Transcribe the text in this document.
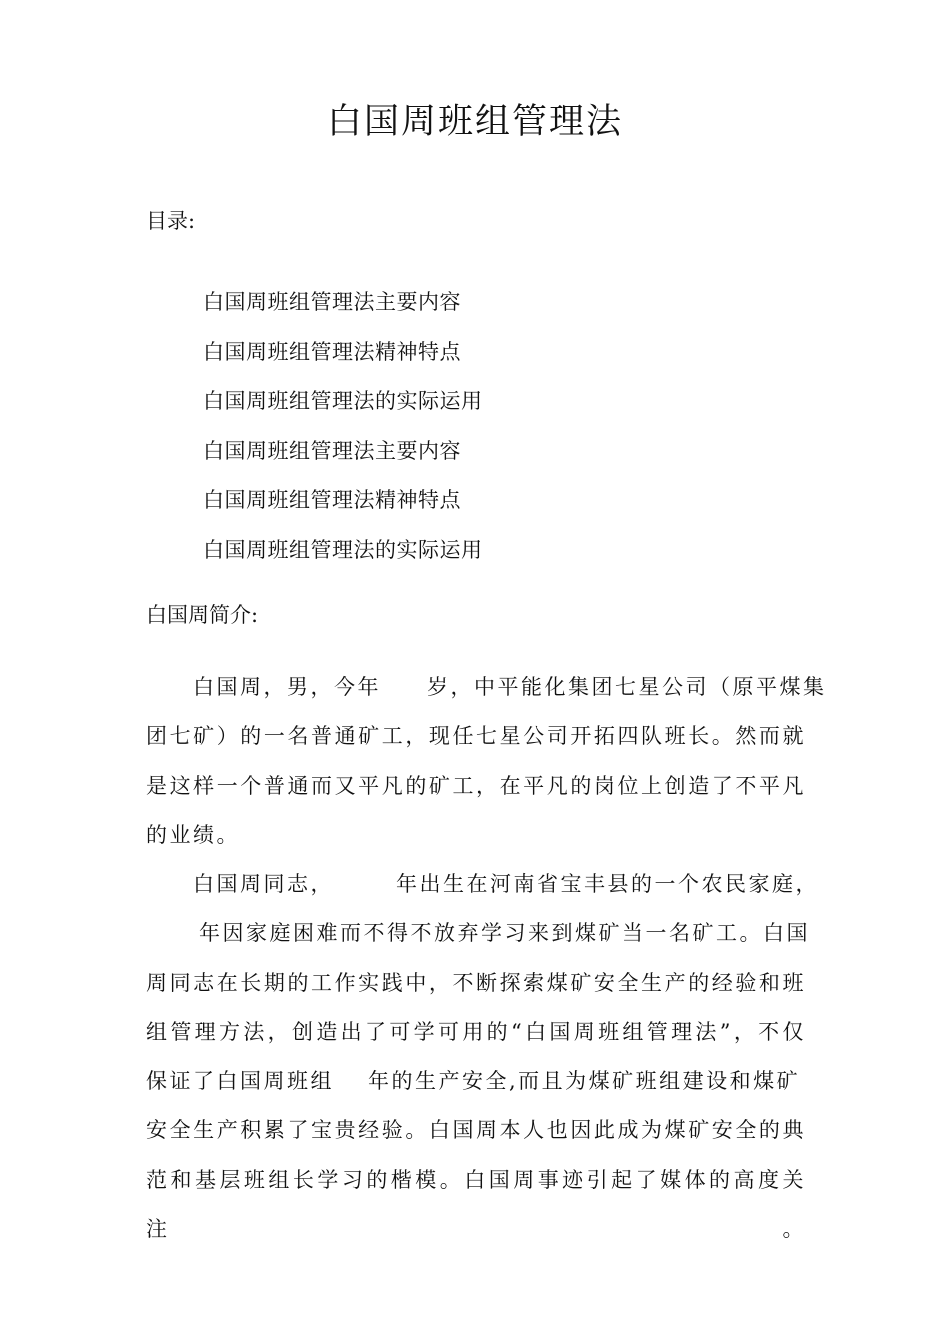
白国周班组管理法
目录:
白国周班组管理法主要内容
白国周班组管理法精神特点
白国周班组管理法的实际运用
白国周班组管理法主要内容
白国周班组管理法精神特点
白国周班组管理法的实际运用
白国周简介:
白国周，男，今年 岁，中平能化集团七星公司（原平煤集
团七矿）的一名普通矿工，现任七星公司开拓四队班长。然而就
是这样一个普通而又平凡的矿工，在平凡的岗位上创造了不平凡
的业绩。
白国周同志，	年出生在河南省宝丰县的一个农民家庭，
年因家庭困难而不得不放弃学习来到煤矿当一名矿工。白国
周同志在长期的工作实践中，不断探索煤矿安全生产的经验和班
组管理方法，创造出了可学可用的“白国周班组管理法”，不仅
保证了白国周班组 年的生产安全,而且为煤矿班组建设和煤矿
安全生产积累了宝贵经验。白国周本人也因此成为煤矿安全的典
范和基层班组长学习的楷模。白国周事迹引起了媒体的高度关注。
